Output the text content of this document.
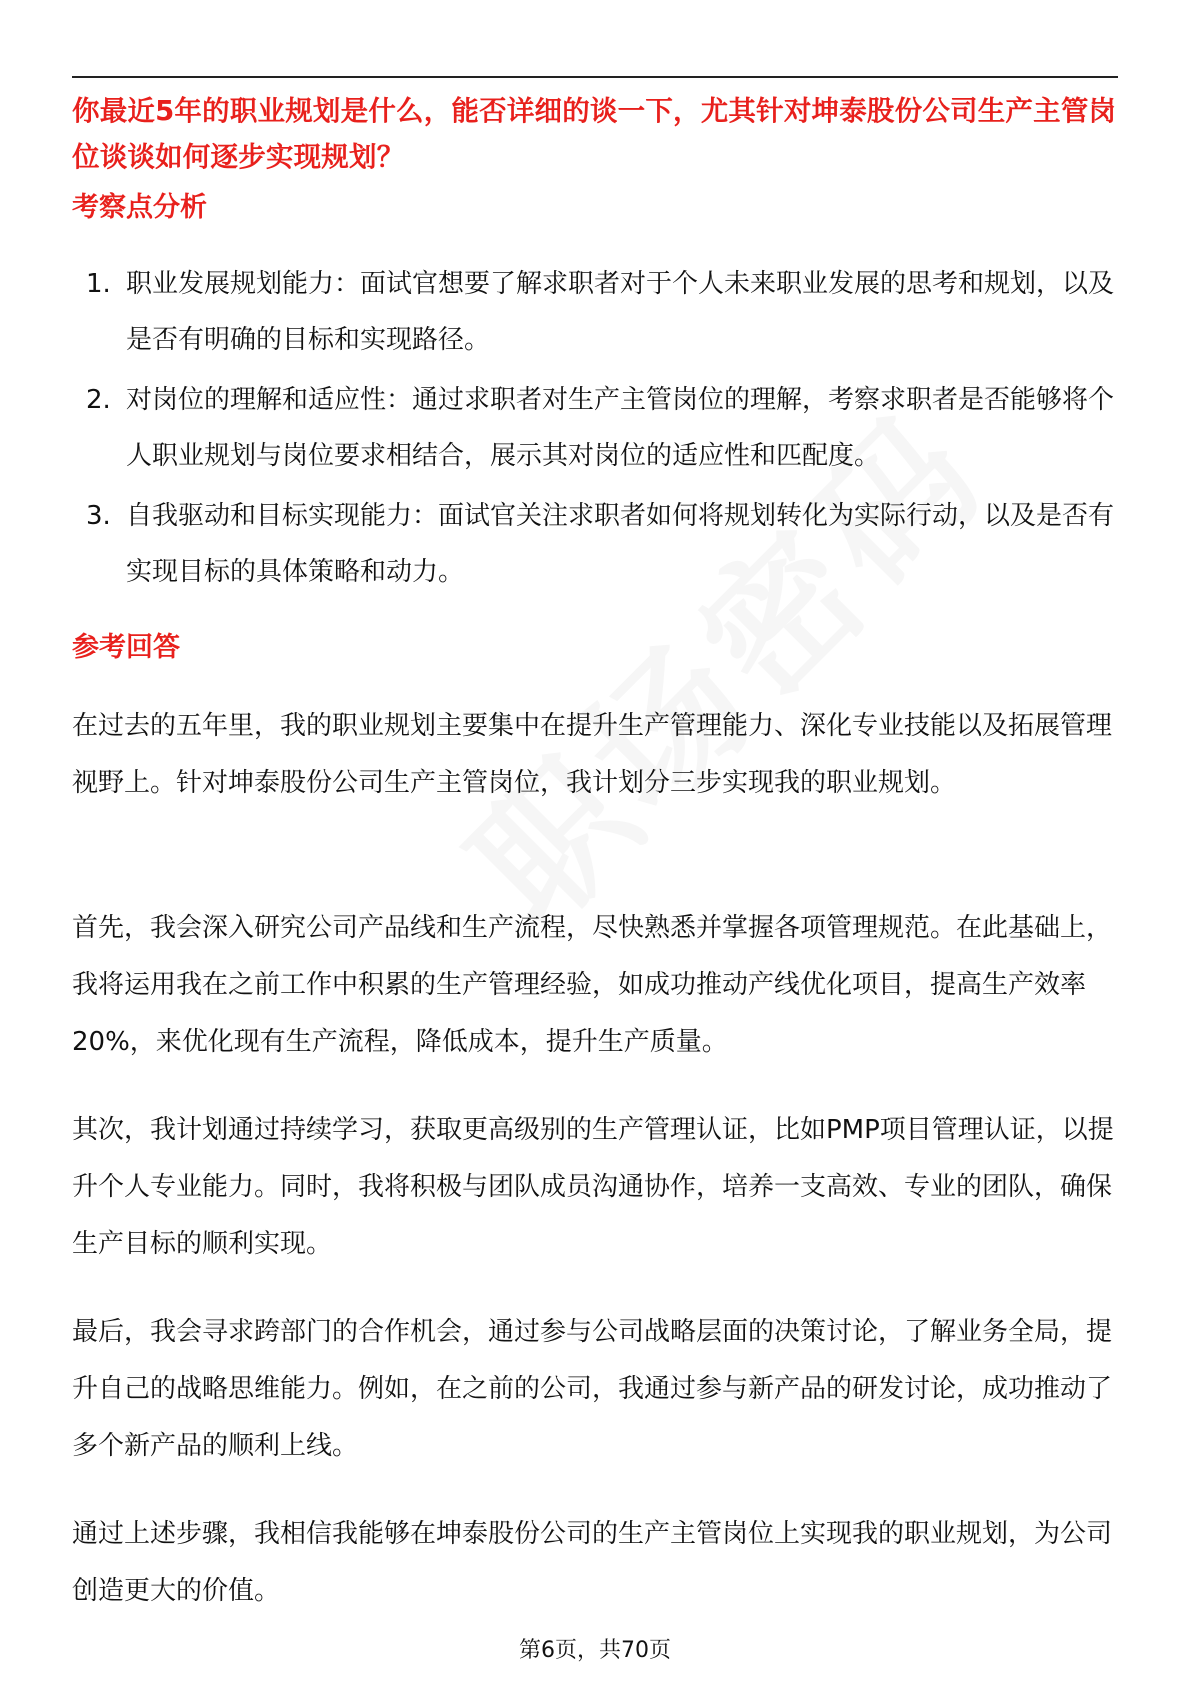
你最近5年的职业规划是什么，能否详细的谈一下，尤其针对坤泰股份公司生产主管岗位谈谈如何逐步实现规划？
考察点分析
1. 职业发展规划能力：面试官想要了解求职者对于个人未来职业发展的思考和规划，以及是否有明确的目标和实现路径。
2. 对岗位的理解和适应性：通过求职者对生产主管岗位的理解，考察求职者是否能够将个人职业规划与岗位要求相结合，展示其对岗位的适应性和匹配度。
3. 自我驱动和目标实现能力：面试官关注求职者如何将规划转化为实际行动，以及是否有实现目标的具体策略和动力。
参考回答

在过去的五年里，我的职业规划主要集中在提升生产管理能力、深化专业技能以及拓展管理视野上。针对坤泰股份公司生产主管岗位，我计划分三步实现我的职业规划。

首先，我会深入研究公司产品线和生产流程，尽快熟悉并掌握各项管理规范。在此基础上，我将运用我在之前工作中积累的生产管理经验，如成功推动产线优化项目，提高生产效率20%，来优化现有生产流程，降低成本，提升生产质量。

其次，我计划通过持续学习，获取更高级别的生产管理认证，比如PMP项目管理认证，以提升个人专业能力。同时，我将积极与团队成员沟通协作，培养一支高效、专业的团队，确保生产目标的顺利实现。

最后，我会寻求跨部门的合作机会，通过参与公司战略层面的决策讨论，了解业务全局，提升自己的战略思维能力。例如，在之前的公司，我通过参与新产品的研发讨论，成功推动了多个新产品的顺利上线。

通过上述步骤，我相信我能够在坤泰股份公司的生产主管岗位上实现我的职业规划，为公司创造更大的价值。

第6页，共70页
